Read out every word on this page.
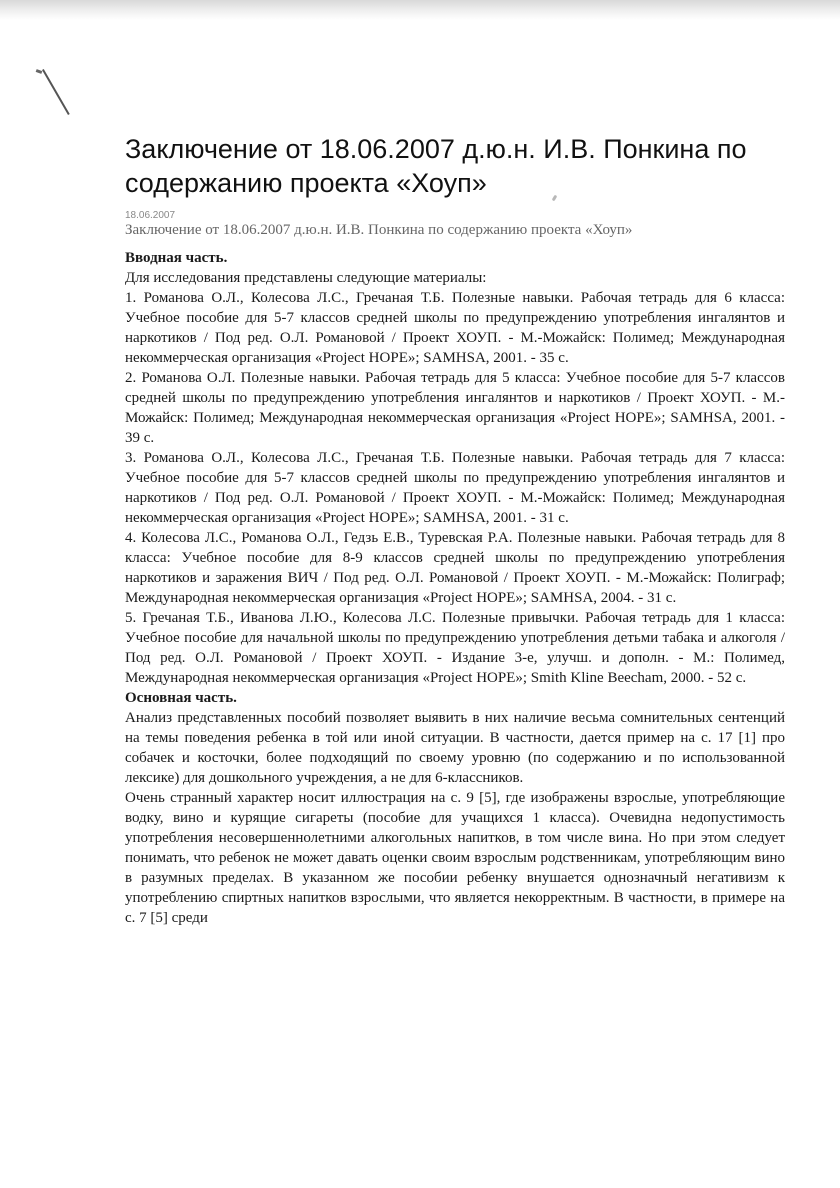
Заключение от 18.06.2007 д.ю.н. И.В. Понкина по содержанию проекта «Хоуп»
18.06.2007
Заключение от 18.06.2007 д.ю.н. И.В. Понкина по содержанию проекта «Хоуп»

Вводная часть.

Для исследования представлены следующие материалы:

1. Романова О.Л., Колесова Л.С., Гречаная Т.Б. Полезные навыки. Рабочая тетрадь для 6 класса: Учебное пособие для 5-7 классов средней школы по предупреждению употребления ингалянтов и наркотиков / Под ред. О.Л. Романовой / Проект ХОУП. - М.-Можайск: Полимед; Международная некоммерческая организация «Project HOPE»; SAMHSA, 2001. - 35 с.

2. Романова О.Л. Полезные навыки. Рабочая тетрадь для 5 класса: Учебное пособие для 5-7 классов средней школы по предупреждению употребления ингалянтов и наркотиков / Проект ХОУП. - М.-Можайск: Полимед; Международная некоммерческая организация «Project HOPE»; SAMHSA, 2001. - 39 с.

3. Романова О.Л., Колесова Л.С., Гречаная Т.Б. Полезные навыки. Рабочая тетрадь для 7 класса: Учебное пособие для 5-7 классов средней школы по предупреждению употребления ингалянтов и наркотиков / Под ред. О.Л. Романовой / Проект ХОУП. - М.-Можайск: Полимед; Международная некоммерческая организация «Project HOPE»; SAMHSA, 2001. - 31 с.

4. Колесова Л.С., Романова О.Л., Гедзь Е.В., Туревская Р.А. Полезные навыки. Рабочая тетрадь для 8 класса: Учебное пособие для 8-9 классов средней школы по предупреждению употребления наркотиков и заражения ВИЧ / Под ред. О.Л. Романовой / Проект ХОУП. - М.-Можайск: Полиграф; Международная некоммерческая организация «Project HOPE»; SAMHSA, 2004. - 31 с.

5. Гречаная Т.Б., Иванова Л.Ю., Колесова Л.С. Полезные привычки. Рабочая тетрадь для 1 класса: Учебное пособие для начальной школы по предупреждению употребления детьми табака и алкоголя / Под ред. О.Л. Романовой / Проект ХОУП. - Издание 3-е, улучш. и дополн. - М.: Полимед, Международная некоммерческая организация «Project HOPE»; Smith Kline Beecham, 2000. - 52 с.

Основная часть.

Анализ представленных пособий позволяет выявить в них наличие весьма сомнительных сентенций на темы поведения ребенка в той или иной ситуации. В частности, дается пример на с. 17 [1] про собачек и косточки, более подходящий по своему уровню (по содержанию и по использованной лексике) для дошкольного учреждения, а не для 6-классников.

Очень странный характер носит иллюстрация на с. 9 [5], где изображены взрослые, употребляющие водку, вино и курящие сигареты (пособие для учащихся 1 класса). Очевидна недопустимость употребления несовершеннолетними алкогольных напитков, в том числе вина. Но при этом следует понимать, что ребенок не может давать оценки своим взрослым родственникам, употребляющим вино в разумных пределах. В указанном же пособии ребенку внушается однозначный негативизм к употреблению спиртных напитков взрослыми, что является некорректным. В частности, в примере на с. 7 [5] среди
